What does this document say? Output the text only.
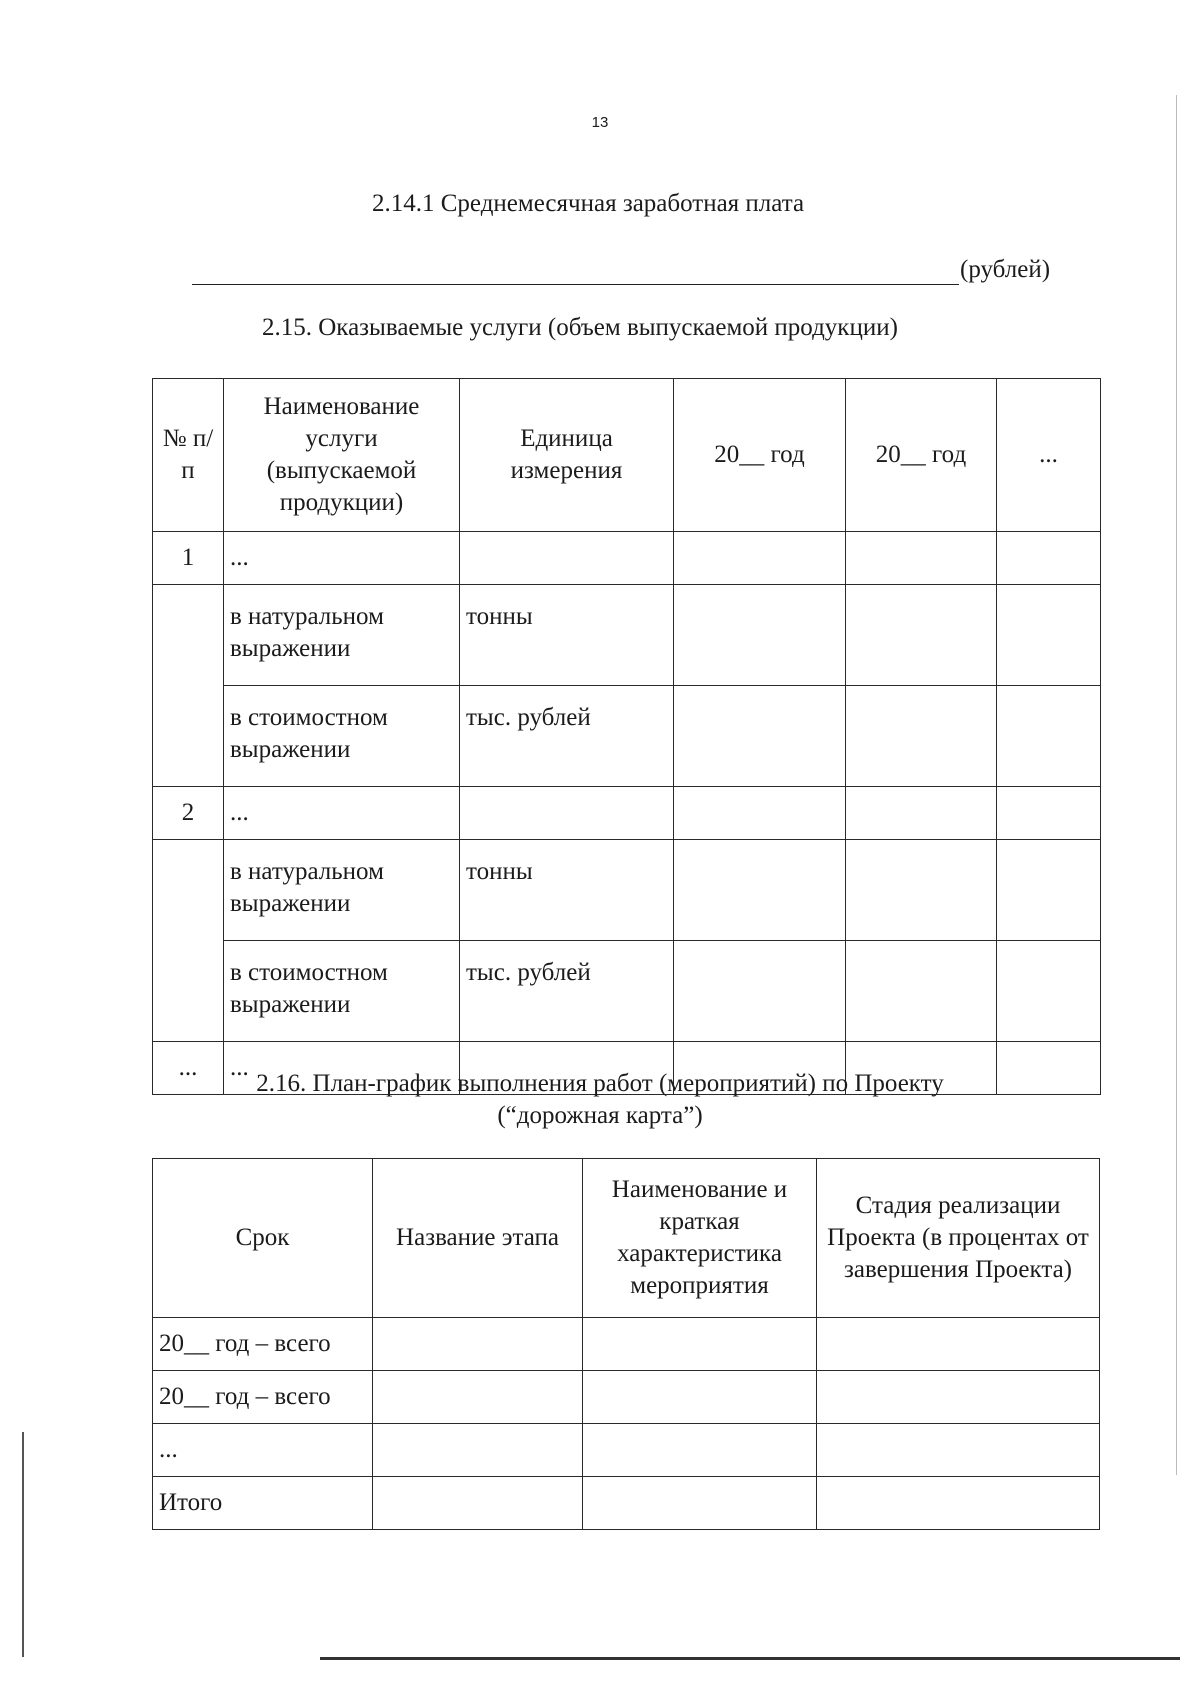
13
2.14.1 Среднемесячная заработная плата
(рублей)
2.15. Оказываемые услуги (объем выпускаемой продукции)
№ п/п	Наименование услуги (выпускаемой продукции)	Единица измерения	20__ год	20__ год	...
1	...				
	в натуральном выражении	тонны			
	в стоимостном выражении	тыс. рублей			
2	...				
	в натуральном выражении	тонны			
	в стоимостном выражении	тыс. рублей			
...	...				
2.16. План-график выполнения работ (мероприятий) по Проекту
(“дорожная карта”)
Срок	Название этапа	Наименование и краткая характеристика мероприятия	Стадия реализации Проекта (в процентах от завершения Проекта)
20__ год – всего			
20__ год – всего			
...			
Итого			
